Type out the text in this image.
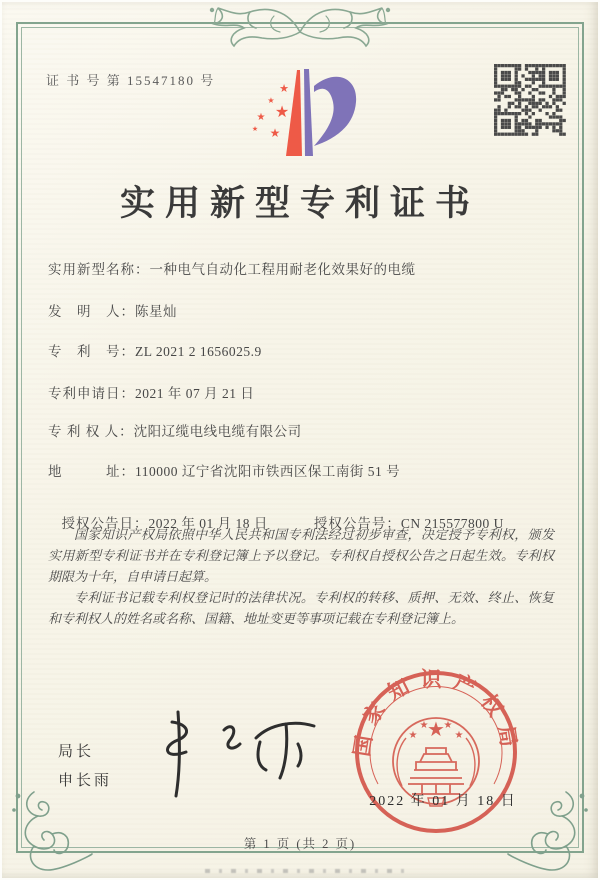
证 书 号 第 15547180 号
★
★
★
★
★ ★
实用新型专利证书
实用新型名称：一种电气自动化工程用耐老化效果好的电缆
发　明　人：陈星灿
专　利　号：ZL 2021 2 1656025.9
专利申请日：2021 年 07 月 21 日
专 利 权 人：沈阳辽缆电线电缆有限公司
地　　　址：110000 辽宁省沈阳市铁西区保工南街 51 号

授权公告日：2022 年 01 月 18 日	授权公告号：CN 215577800 U

国家知识产权局依照中华人民共和国专利法经过初步审查，决定授予专利权，颁发实用新型专利证书并在专利登记簿上予以登记。专利权自授权公告之日起生效。专利权期限为十年，自申请日起算。

专利证书记载专利权登记时的法律状况。专利权的转移、质押、无效、终止、恢复和专利权人的姓名或名称、国籍、地址变更等事项记载在专利登记簿上。

局长
申长雨
国家知识产权局
★
★
★ ★
★
2022 年 01 月 18 日
第 1 页 (共 2 页)
